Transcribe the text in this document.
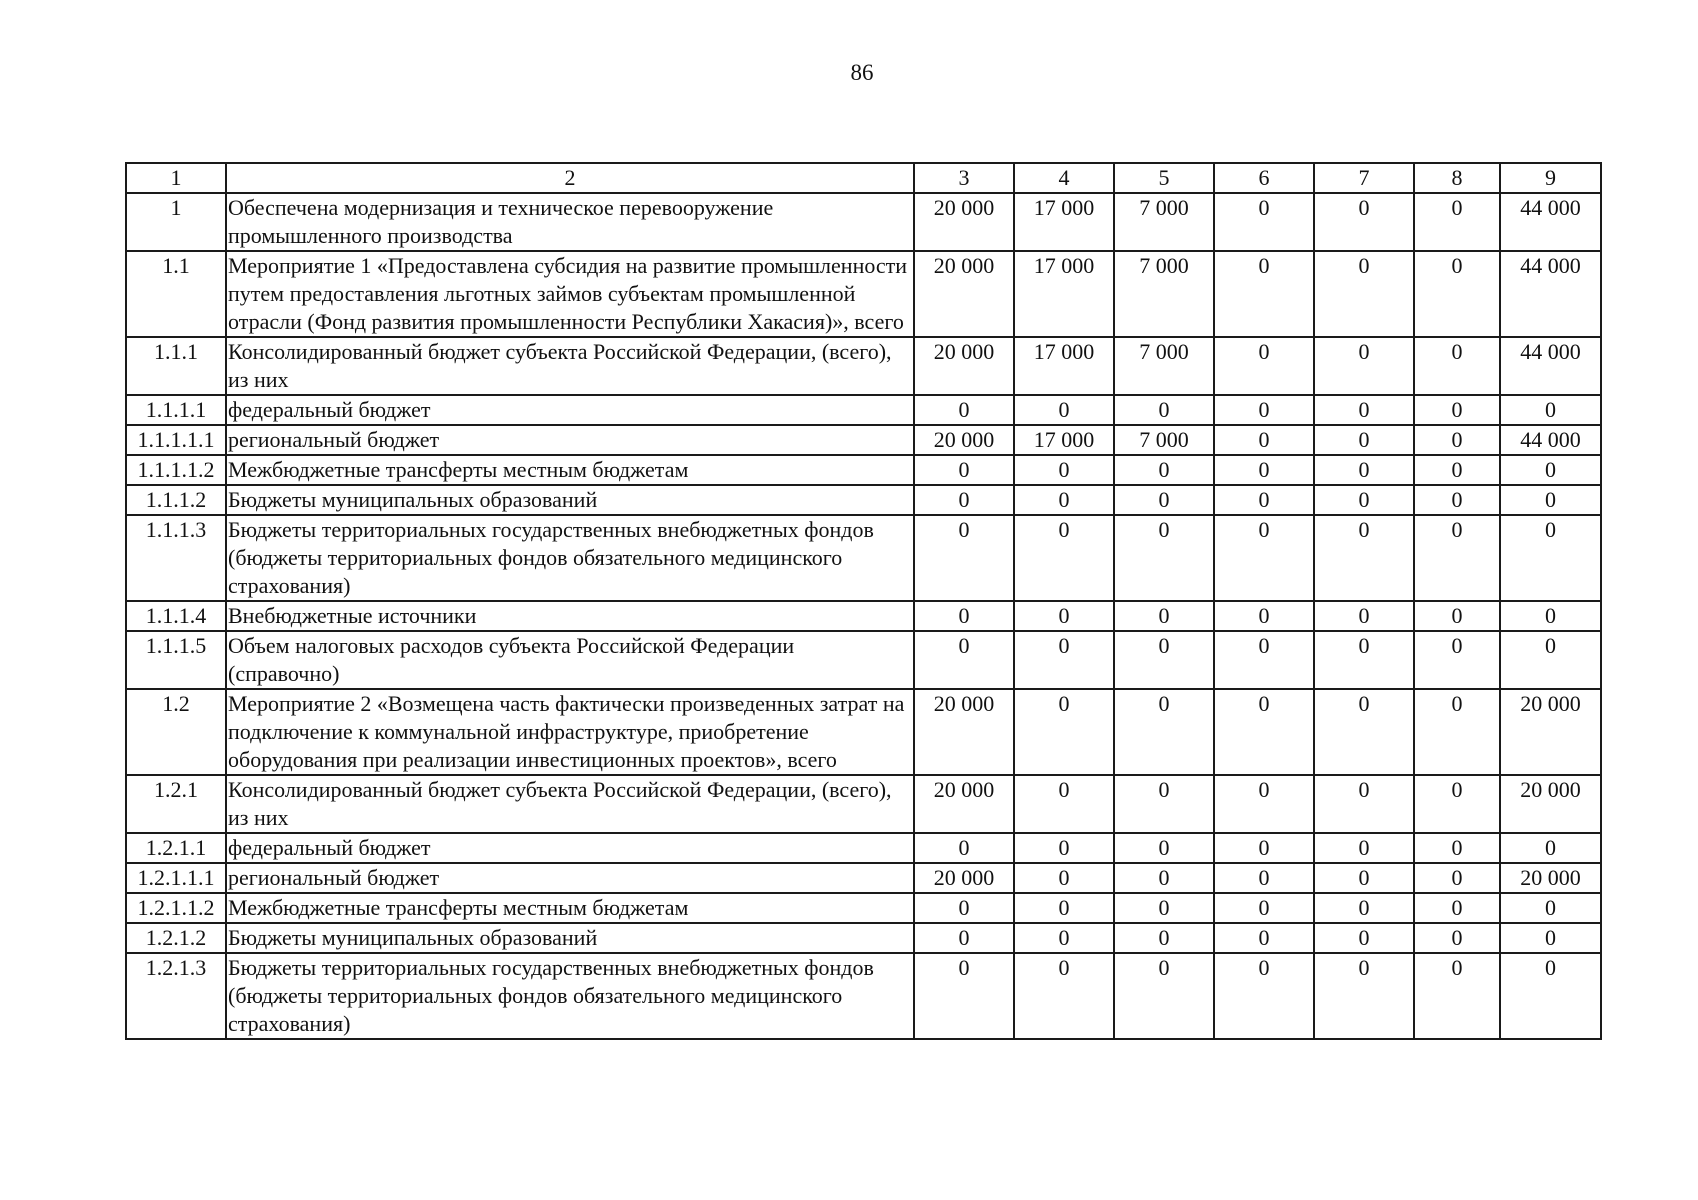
86
1	2	3	4	5	6	7	8	9
1	Обеспечена модернизация и техническое перевооружение промышленного производства	20 000	17 000	7 000	0	0	0	44 000
1.1	Мероприятие 1 «Предоставлена субсидия на развитие промышленности путем предоставления льготных займов субъектам промышленной отрасли (Фонд развития промышленности Республики Хакасия)», всего	20 000	17 000	7 000	0	0	0	44 000
1.1.1	Консолидированный бюджет субъекта Российской Федерации, (всего), из них	20 000	17 000	7 000	0	0	0	44 000
1.1.1.1	федеральный бюджет	0	0	0	0	0	0	0
1.1.1.1.1	региональный бюджет	20 000	17 000	7 000	0	0	0	44 000
1.1.1.1.2	Межбюджетные трансферты местным бюджетам	0	0	0	0	0	0	0
1.1.1.2	Бюджеты муниципальных образований	0	0	0	0	0	0	0
1.1.1.3	Бюджеты территориальных государственных внебюджетных фондов (бюджеты территориальных фондов обязательного медицинского страхования)	0	0	0	0	0	0	0
1.1.1.4	Внебюджетные источники	0	0	0	0	0	0	0
1.1.1.5	Объем налоговых расходов субъекта Российской Федерации (справочно)	0	0	0	0	0	0	0
1.2	Мероприятие 2 «Возмещена часть фактически произведенных затрат на подключение к коммунальной инфраструктуре, приобретение оборудования при реализации инвестиционных проектов», всего	20 000	0	0	0	0	0	20 000
1.2.1	Консолидированный бюджет субъекта Российской Федерации, (всего), из них	20 000	0	0	0	0	0	20 000
1.2.1.1	федеральный бюджет	0	0	0	0	0	0	0
1.2.1.1.1	региональный бюджет	20 000	0	0	0	0	0	20 000
1.2.1.1.2	Межбюджетные трансферты местным бюджетам	0	0	0	0	0	0	0
1.2.1.2	Бюджеты муниципальных образований	0	0	0	0	0	0	0
1.2.1.3	Бюджеты территориальных государственных внебюджетных фондов (бюджеты территориальных фондов обязательного медицинского страхования)	0	0	0	0	0	0	0
